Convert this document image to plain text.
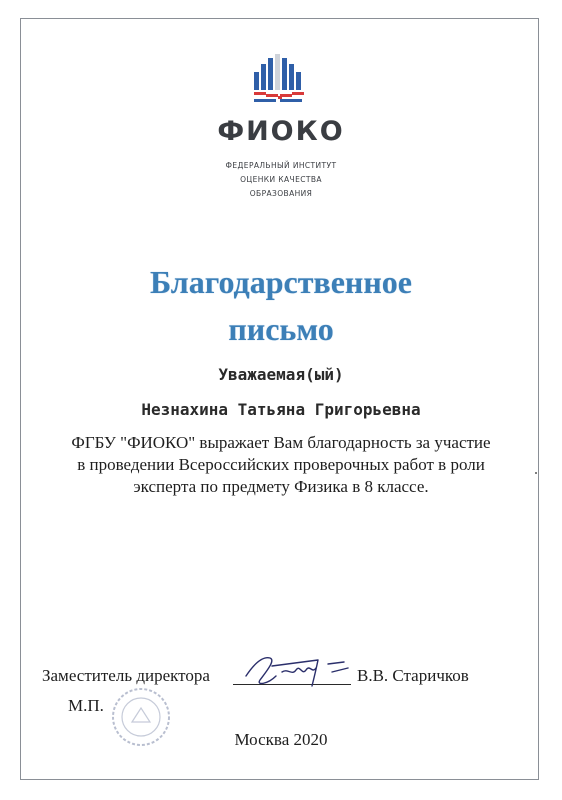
ФИОКО
ФЕДЕРАЛЬНЫЙ ИНСТИТУТ
ОЦЕНКИ КАЧЕСТВА
ОБРАЗОВАНИЯ
Благодарственное
письмо
Уважаемая(ый)
Незнахина Татьяна Григорьевна
ФГБУ "ФИОКО" выражает Вам благодарность за участие
в проведении Всероссийских проверочных работ в роли
эксперта по предмету Физика в 8 классе.
Заместитель директора	В.В. Старичков
М.П.
Москва 2020
